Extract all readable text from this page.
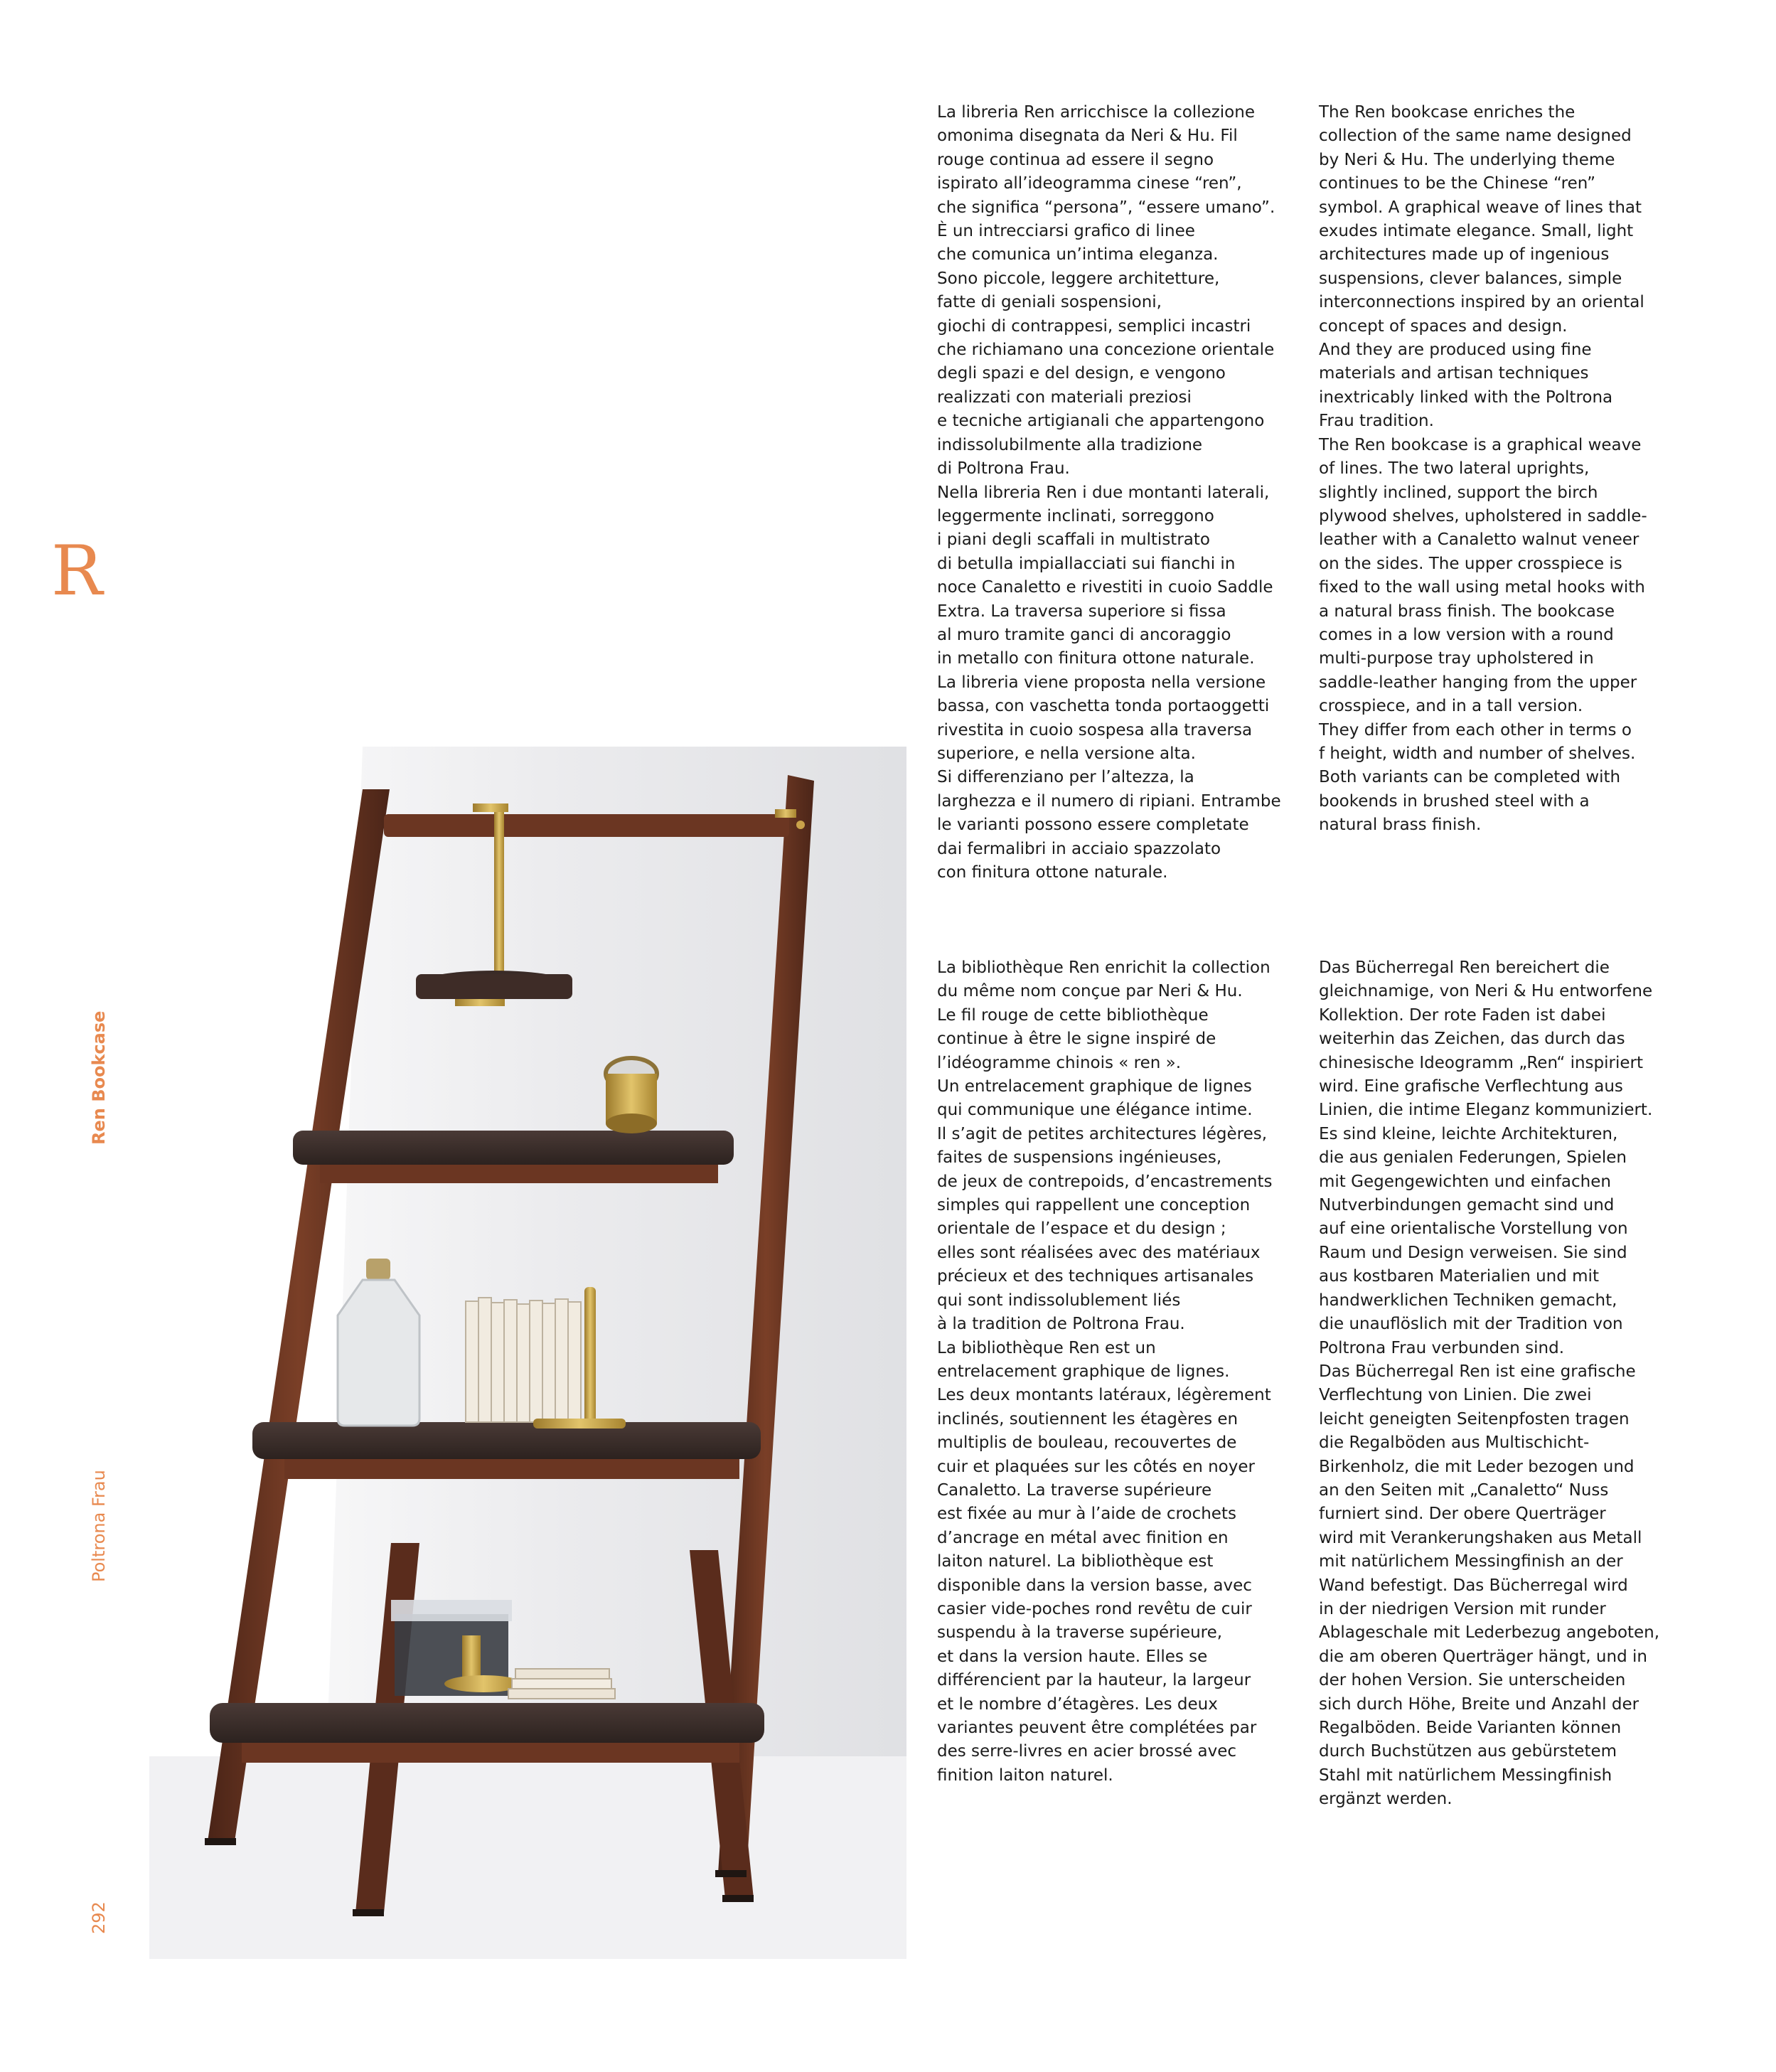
R
Ren Bookcase
Poltrona Frau
292
La libreria Ren arricchisce la collezione
omonima disegnata da Neri & Hu. Fil
rouge continua ad essere il segno
ispirato all’ideogramma cinese “ren”,
che significa “persona”, “essere umano”.
È un intrecciarsi grafico di linee
che comunica un’intima eleganza.
Sono piccole, leggere architetture,
fatte di geniali sospensioni,
giochi di contrappesi, semplici incastri
che richiamano una concezione orientale
degli spazi e del design, e vengono
realizzati con materiali preziosi
e tecniche artigianali che appartengono
indissolubilmente alla tradizione
di Poltrona Frau.
Nella libreria Ren i due montanti laterali,
leggermente inclinati, sorreggono
i piani degli scaffali in multistrato
di betulla impiallacciati sui fianchi in
noce Canaletto e rivestiti in cuoio Saddle
Extra. La traversa superiore si fissa
al muro tramite ganci di ancoraggio
in metallo con finitura ottone naturale.
La libreria viene proposta nella versione
bassa, con vaschetta tonda portaoggetti
rivestita in cuoio sospesa alla traversa
superiore, e nella versione alta.
Si differenziano per l’altezza, la
larghezza e il numero di ripiani. Entrambe
le varianti possono essere completate
dai fermalibri in acciaio spazzolato
con finitura ottone naturale.
The Ren bookcase enriches the
collection of the same name designed
by Neri & Hu. The underlying theme
continues to be the Chinese “ren”
symbol. A graphical weave of lines that
exudes intimate elegance. Small, light
architectures made up of ingenious
suspensions, clever balances, simple
interconnections inspired by an oriental
concept of spaces and design.
And they are produced using fine
materials and artisan techniques
inextricably linked with the Poltrona
Frau tradition.
The Ren bookcase is a graphical weave
of lines. The two lateral uprights,
slightly inclined, support the birch
plywood shelves, upholstered in saddle-
leather with a Canaletto walnut veneer
on the sides. The upper crosspiece is
fixed to the wall using metal hooks with
a natural brass finish. The bookcase
comes in a low version with a round
multi-purpose tray upholstered in
saddle-leather hanging from the upper
crosspiece, and in a tall version.
They differ from each other in terms o
f height, width and number of shelves.
Both variants can be completed with
bookends in brushed steel with a
natural brass finish.
La bibliothèque Ren enrichit la collection
du même nom conçue par Neri & Hu.
Le fil rouge de cette bibliothèque
continue à être le signe inspiré de
l’idéogramme chinois « ren ».
Un entrelacement graphique de lignes
qui communique une élégance intime.
Il s’agit de petites architectures légères,
faites de suspensions ingénieuses,
de jeux de contrepoids, d’encastrements
simples qui rappellent une conception
orientale de l’espace et du design ;
elles sont réalisées avec des matériaux
précieux et des techniques artisanales
qui sont indissolublement liés
à la tradition de Poltrona Frau.
La bibliothèque Ren est un
entrelacement graphique de lignes.
Les deux montants latéraux, légèrement
inclinés, soutiennent les étagères en
multiplis de bouleau, recouvertes de
cuir et plaquées sur les côtés en noyer
Canaletto. La traverse supérieure
est fixée au mur à l’aide de crochets
d’ancrage en métal avec finition en
laiton naturel. La bibliothèque est
disponible dans la version basse, avec
casier vide-poches rond revêtu de cuir
suspendu à la traverse supérieure,
et dans la version haute. Elles se
différencient par la hauteur, la largeur
et le nombre d’étagères. Les deux
variantes peuvent être complétées par
des serre-livres en acier brossé avec
finition laiton naturel.
Das Bücherregal Ren bereichert die
gleichnamige, von Neri & Hu entworfene
Kollektion. Der rote Faden ist dabei
weiterhin das Zeichen, das durch das
chinesische Ideogramm „Ren“ inspiriert
wird. Eine grafische Verflechtung aus
Linien, die intime Eleganz kommuniziert.
Es sind kleine, leichte Architekturen,
die aus genialen Federungen, Spielen
mit Gegengewichten und einfachen
Nutverbindungen gemacht sind und
auf eine orientalische Vorstellung von
Raum und Design verweisen. Sie sind
aus kostbaren Materialien und mit
handwerklichen Techniken gemacht,
die unauflöslich mit der Tradition von
Poltrona Frau verbunden sind.
Das Bücherregal Ren ist eine grafische
Verflechtung von Linien. Die zwei
leicht geneigten Seitenpfosten tragen
die Regalböden aus Multischicht-
Birkenholz, die mit Leder bezogen und
an den Seiten mit „Canaletto“ Nuss
furniert sind. Der obere Querträger
wird mit Verankerungshaken aus Metall
mit natürlichem Messingfinish an der
Wand befestigt. Das Bücherregal wird
in der niedrigen Version mit runder
Ablageschale mit Lederbezug angeboten,
die am oberen Querträger hängt, und in
der hohen Version. Sie unterscheiden
sich durch Höhe, Breite und Anzahl der
Regalböden. Beide Varianten können
durch Buchstützen aus gebürstetem
Stahl mit natürlichem Messingfinish
ergänzt werden.
